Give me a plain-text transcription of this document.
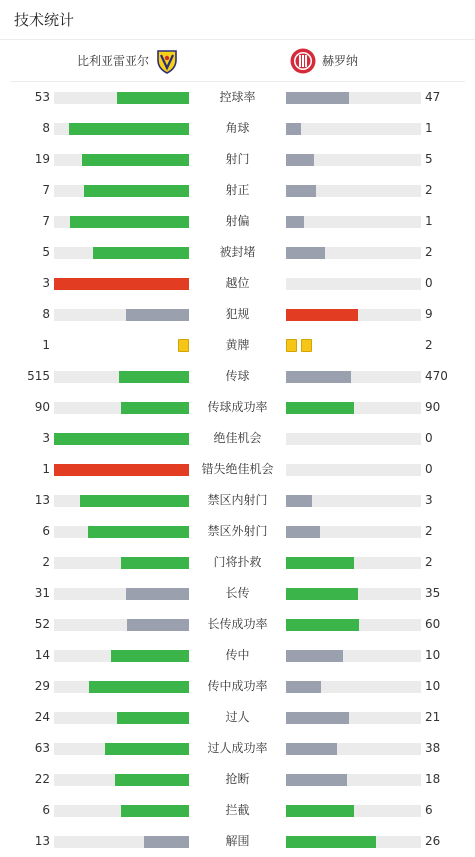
技术统计
比利亚雷亚尔	赫罗纳
53	控球率	47
8	角球	1
19	射门	5
7	射正	2
7	射偏	1
5	被封堵	2
3	越位	0
8	犯规	9
1	黄牌	2
515	传球	470
90	传球成功率	90
3	绝佳机会	0
1	错失绝佳机会	0
13	禁区内射门	3
6	禁区外射门	2
2	门将扑救	2
31	长传	35
52	长传成功率	60
14	传中	10
29	传中成功率	10
24	过人	21
63	过人成功率	38
22	抢断	18
6	拦截	6
13	解围	26
